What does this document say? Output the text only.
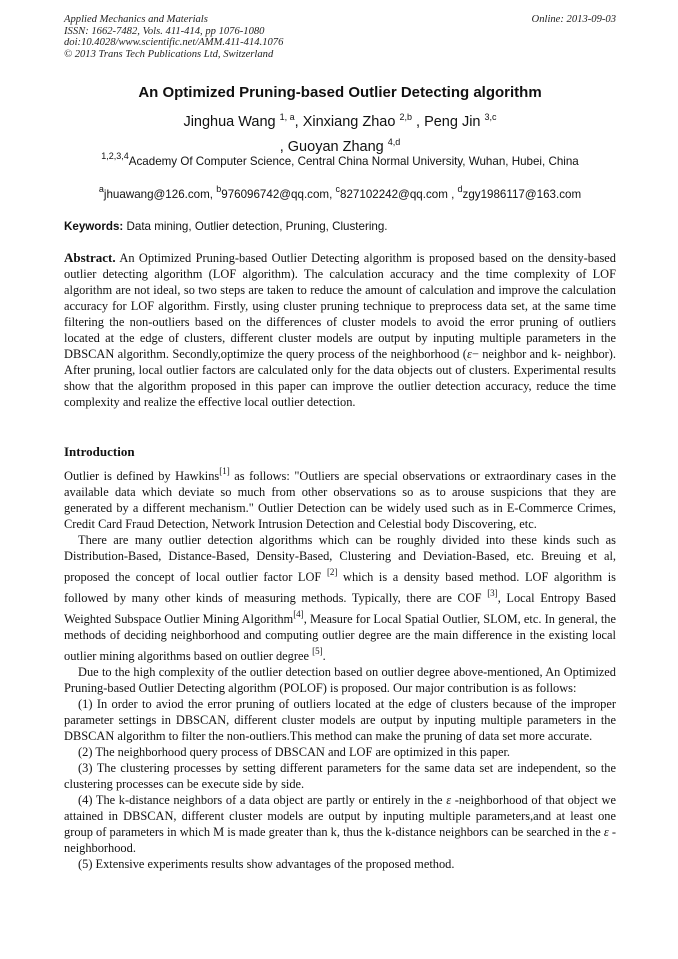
Applied Mechanics and Materials
ISSN: 1662-7482, Vols. 411-414, pp 1076-1080
doi:10.4028/www.scientific.net/AMM.411-414.1076
© 2013 Trans Tech Publications Ltd, Switzerland
Online: 2013-09-03
An Optimized Pruning-based Outlier Detecting algorithm
Jinghua Wang $^{1, a}$, Xinxiang Zhao $^{2,b}$ , Peng Jin $^{3,c}$
, Guoyan Zhang $^{4,d}$
$^{1,2,3,4}$Academy Of Computer Science, Central China Normal University, Wuhan, Hubei, China
$^a$jhuawang@126.com, $^b$976096742@qq.com, $^c$827102242@qq.com , $^d$zgy1986117@163.com
Keywords: Data mining, Outlier detection, Pruning, Clustering.
Abstract. An Optimized Pruning-based Outlier Detecting algorithm is proposed based on the density-based outlier detecting algorithm (LOF algorithm). The calculation accuracy and the time complexity of LOF algorithm are not ideal, so two steps are taken to reduce the amount of calculation and improve the calculation accuracy for LOF algorithm. Firstly, using cluster pruning technique to preprocess data set, at the same time filtering the non-outliers based on the differences of cluster models to avoid the error pruning of outliers located at the edge of clusters, different cluster models are output by inputing multiple parameters in the DBSCAN algorithm. Secondly,optimize the query process of the neighborhood (ε− neighbor and k- neighbor). After pruning, local outlier factors are calculated only for the data objects out of clusters. Experimental results show that the algorithm proposed in this paper can improve the outlier detection accuracy, reduce the time complexity and realize the effective local outlier detection.
Introduction

Outlier is defined by Hawkins[1] as follows: "Outliers are special observations or extraordinary cases in the available data which deviate so much from other observations so as to arouse suspicions that they are generated by a different mechanism." Outlier Detection can be widely used such as in E-Commerce Crimes, Credit Card Fraud Detection, Network Intrusion Detection and Celestial body Discovering, etc.

There are many outlier detection algorithms which can be roughly divided into these kinds such as Distribution-Based, Distance-Based, Density-Based, Clustering and Deviation-Based, etc. Breuing et al, proposed the concept of local outlier factor LOF [2] which is a density based method. LOF algorithm is followed by many other kinds of measuring methods. Typically, there are COF [3], Local Entropy Based Weighted Subspace Outlier Mining Algorithm[4], Measure for Local Spatial Outlier, SLOM, etc. In general, the methods of deciding neighborhood and computing outlier degree are the main difference in the existing local outlier mining algorithms based on outlier degree [5].

Due to the high complexity of the outlier detection based on outlier degree above-mentioned, An Optimized Pruning-based Outlier Detecting algorithm (POLOF) is proposed. Our major contribution is as follows:

(1) In order to aviod the error pruning of outliers located at the edge of clusters because of the improper parameter settings in DBSCAN, different cluster models are output by inputing multiple parameters in the DBSCAN algorithm to filter the non-outliers.This method can make the pruning of data set more accurate.

(2) The neighborhood query process of DBSCAN and LOF are optimized in this paper.

(3) The clustering processes by setting different parameters for the same data set are independent, so the clustering processes can be execute side by side.

(4) The k-distance neighbors of a data object are partly or entirely in the ε -neighborhood of that object we attained in DBSCAN, different cluster models are output by inputing multiple parameters,and at least one group of parameters in which M is made greater than k, thus the k-distance neighbors can be searched in the ε -neighborhood.

(5) Extensive experiments results show advantages of the proposed method.
